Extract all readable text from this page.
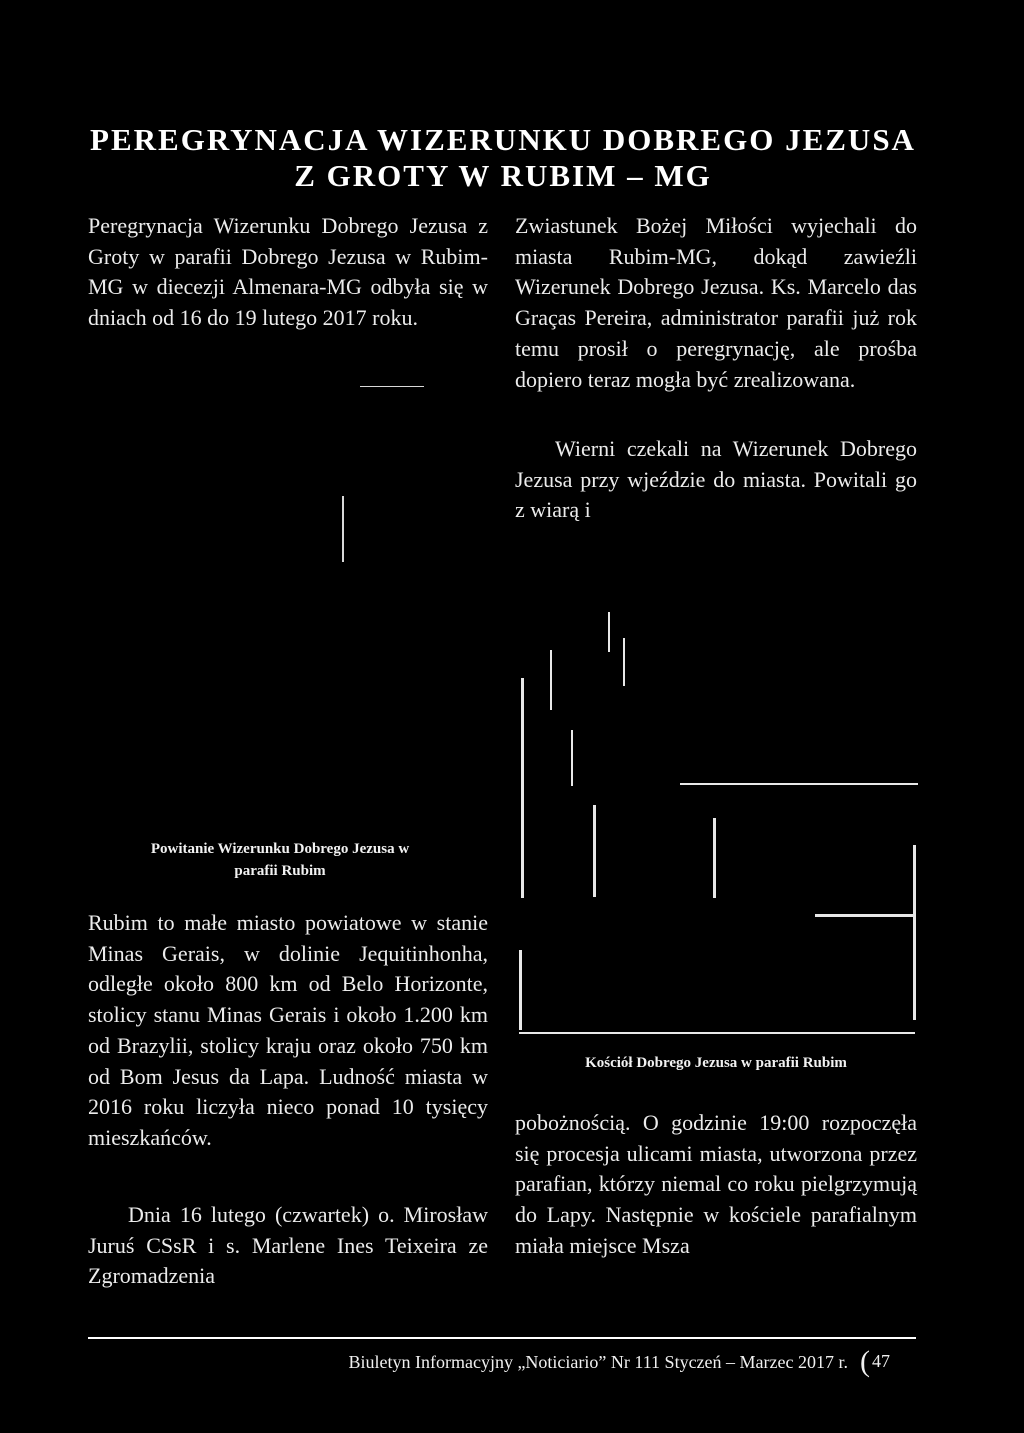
PEREGRYNACJA WIZERUNKU DOBREGO JEZUSA
Z GROTY W RUBIM – MG

Peregrynacja Wizerunku Dobrego Jezusa z Groty w parafii Dobrego Jezusa w Rubim-MG w diecezji Almenara-MG odbyła się w dniach od 16 do 19 lutego 2017 roku.

Zwiastunek Bożej Miłości wyjechali do miasta Rubim-MG, dokąd zawieźli Wizerunek Dobrego Jezusa. Ks. Marcelo das Graças Pereira, administrator parafii już rok temu prosił o peregrynację, ale prośba dopiero teraz mogła być zrealizowana.

Wierni czekali na Wizerunek Dobrego Jezusa przy wjeździe do miasta. Powitali go z wiarą i

Powitanie Wizerunku Dobrego Jezusa w parafii Rubim

Rubim to małe miasto powiatowe w stanie Minas Gerais, w dolinie Jequitinhonha, odległe około 800 km od Belo Horizonte, stolicy stanu Minas Gerais i około 1.200 km od Brazylii, stolicy kraju oraz około 750 km od Bom Jesus da Lapa. Ludność miasta w 2016 roku liczyła nieco ponad 10 tysięcy mieszkańców.

Dnia 16 lutego (czwartek) o. Mirosław Juruś CSsR i s. Marlene Ines Teixeira ze Zgromadzenia

Kościół Dobrego Jezusa w parafii Rubim

pobożnością. O godzinie 19:00 rozpoczęła się procesja ulicami miasta, utworzona przez parafian, którzy niemal co roku pielgrzymują do Lapy. Następnie w kościele parafialnym miała miejsce Msza

Biuletyn Informacyjny „Noticiario” Nr 111 Styczeń – Marzec 2017 r. ( 47
